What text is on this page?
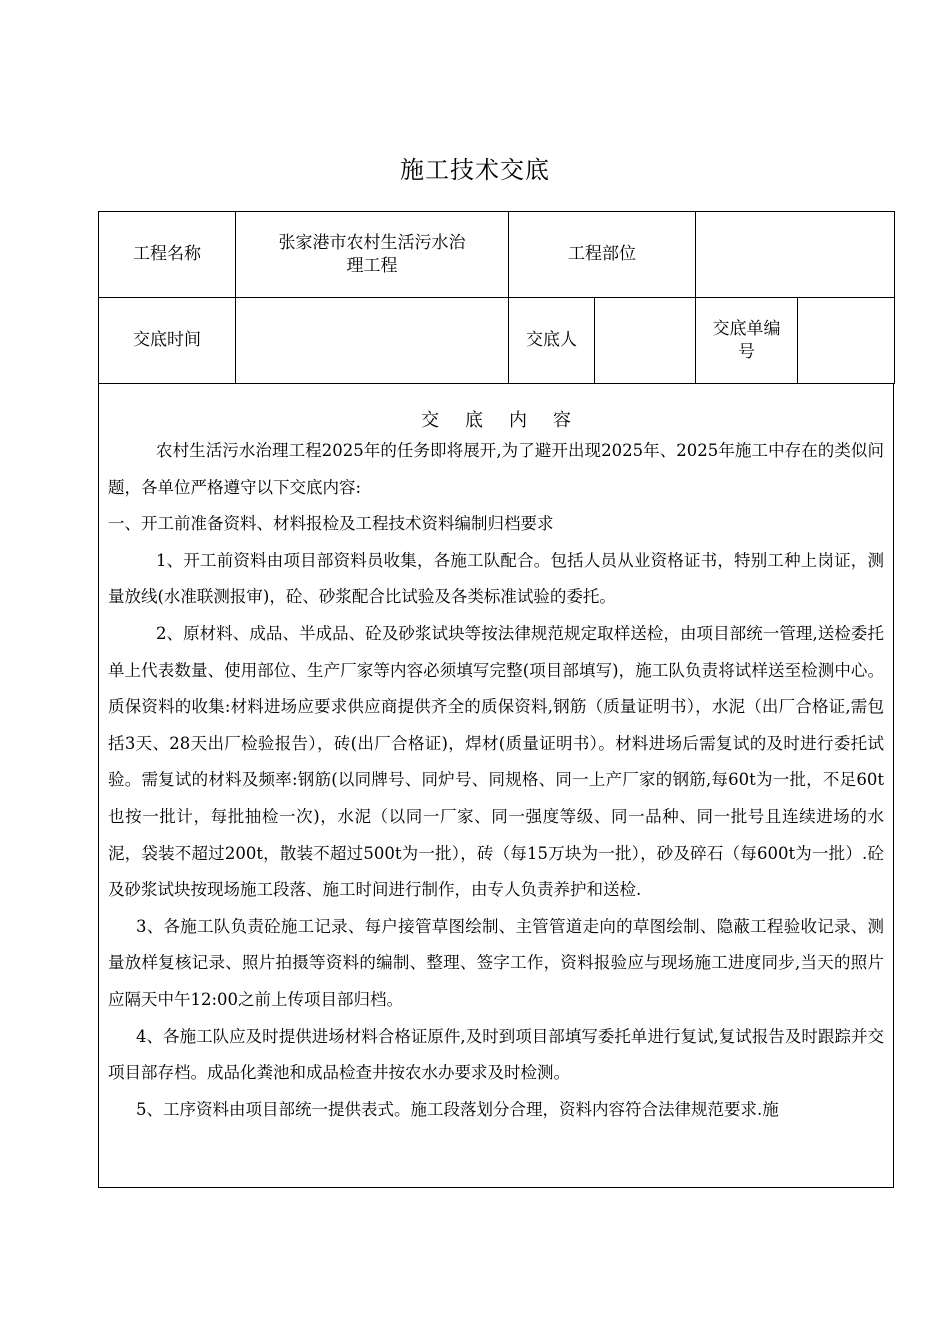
施工技术交底
工程名称	张家港市农村生活污水治理工程	工程部位			
交底时间		交底人		交底单编号	
交底内容

农村生活污水治理工程2025年的任务即将展开,为了避开出现2025年、2025年施工中存在的类似问题，各单位严格遵守以下交底内容:

一、开工前准备资料、材料报检及工程技术资料编制归档要求

1、开工前资料由项目部资料员收集，各施工队配合。包括人员从业资格证书，特别工种上岗证，测量放线(水准联测报审)，砼、砂浆配合比试验及各类标准试验的委托。

2、原材料、成品、半成品、砼及砂浆试块等按法律规范规定取样送检，由项目部统一管理,送检委托单上代表数量、使用部位、生产厂家等内容必须填写完整(项目部填写)，施工队负责将试样送至检测中心。质保资料的收集:材料进场应要求供应商提供齐全的质保资料,钢筋（质量证明书），水泥（出厂合格证,需包括3天、28天出厂检验报告），砖(出厂合格证)，焊材(质量证明书）。材料进场后需复试的及时进行委托试验。需复试的材料及频率:钢筋(以同牌号、同炉号、同规格、同一上产厂家的钢筋,每60t为一批，不足60t也按一批计，每批抽检一次)，水泥（以同一厂家、同一强度等级、同一品种、同一批号且连续进场的水泥，袋装不超过200t，散装不超过500t为一批），砖（每15万块为一批），砂及碎石（每600t为一批）.砼及砂浆试块按现场施工段落、施工时间进行制作，由专人负责养护和送检.

3、各施工队负责砼施工记录、每户接管草图绘制、主管管道走向的草图绘制、隐蔽工程验收记录、测量放样复核记录、照片拍摄等资料的编制、整理、签字工作，资料报验应与现场施工进度同步,当天的照片应隔天中午12:00之前上传项目部归档。

4、各施工队应及时提供进场材料合格证原件,及时到项目部填写委托单进行复试,复试报告及时跟踪并交项目部存档。成品化粪池和成品检查井按农水办要求及时检测。

5、工序资料由项目部统一提供表式。施工段落划分合理，资料内容符合法律规范要求.施
